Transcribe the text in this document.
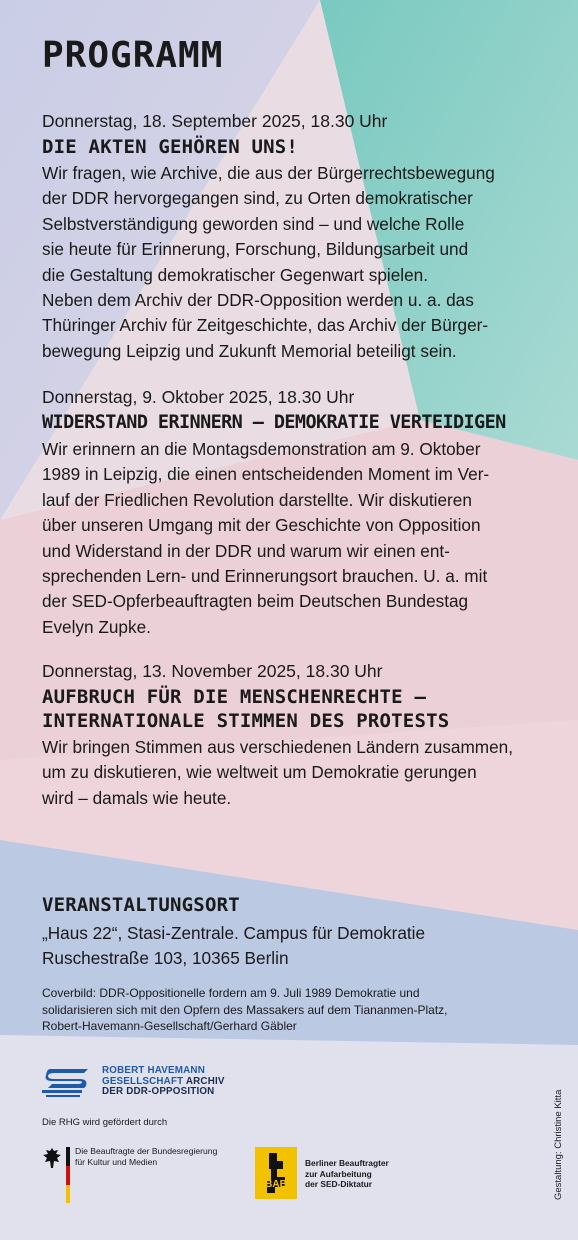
PROGRAMM
Donnerstag, 18. September 2025, 18.30 Uhr
DIE AKTEN GEHÖREN UNS!
Wir fragen, wie Archive, die aus der Bürgerrechtsbewegung
der DDR hervorgegangen sind, zu Orten demokratischer
Selbstverständigung geworden sind – und welche Rolle
sie heute für Erinnerung, Forschung, Bildungsarbeit und
die Gestaltung demokratischer Gegenwart spielen.
Neben dem Archiv der DDR-Opposition werden u. a. das
Thüringer Archiv für Zeitgeschichte, das Archiv der Bürger-
bewegung Leipzig und Zukunft Memorial beteiligt sein.
Donnerstag, 9. Oktober 2025, 18.30 Uhr
WIDERSTAND ERINNERN – DEMOKRATIE VERTEIDIGEN
Wir erinnern an die Montagsdemonstration am 9. Oktober
1989 in Leipzig, die einen entscheidenden Moment im Ver-
lauf der Friedlichen Revolution darstellte. Wir diskutieren
über unseren Umgang mit der Geschichte von Opposition
und Widerstand in der DDR und warum wir einen ent-
sprechenden Lern- und Erinnerungsort brauchen. U. a. mit
der SED-Opferbeauftragten beim Deutschen Bundestag
Evelyn Zupke.
Donnerstag, 13. November 2025, 18.30 Uhr
AUFBRUCH FÜR DIE MENSCHENRECHTE –
INTERNATIONALE STIMMEN DES PROTESTS
Wir bringen Stimmen aus verschiedenen Ländern zusammen,
um zu diskutieren, wie weltweit um Demokratie gerungen
wird – damals wie heute.
VERANSTALTUNGSORT
„Haus 22“, Stasi-Zentrale. Campus für Demokratie
Ruschestraße 103, 10365 Berlin
Coverbild: DDR-Oppositionelle fordern am 9. Juli 1989 Demokratie und
solidarisieren sich mit den Opfern des Massakers auf dem Tiananmen-Platz,
Robert-Havemann-Gesellschaft/Gerhard Gäbler
ROBERT HAVEMANN
GESELLSCHAFT ARCHIV
DER DDR-OPPOSITION
Die RHG wird gefördert durch
Die Beauftragte der Bundesregierung
für Kultur und Medien
BAB
Berliner Beauftragter
zur Aufarbeitung
der SED-Diktatur	Gestaltung: Christine Kitta
